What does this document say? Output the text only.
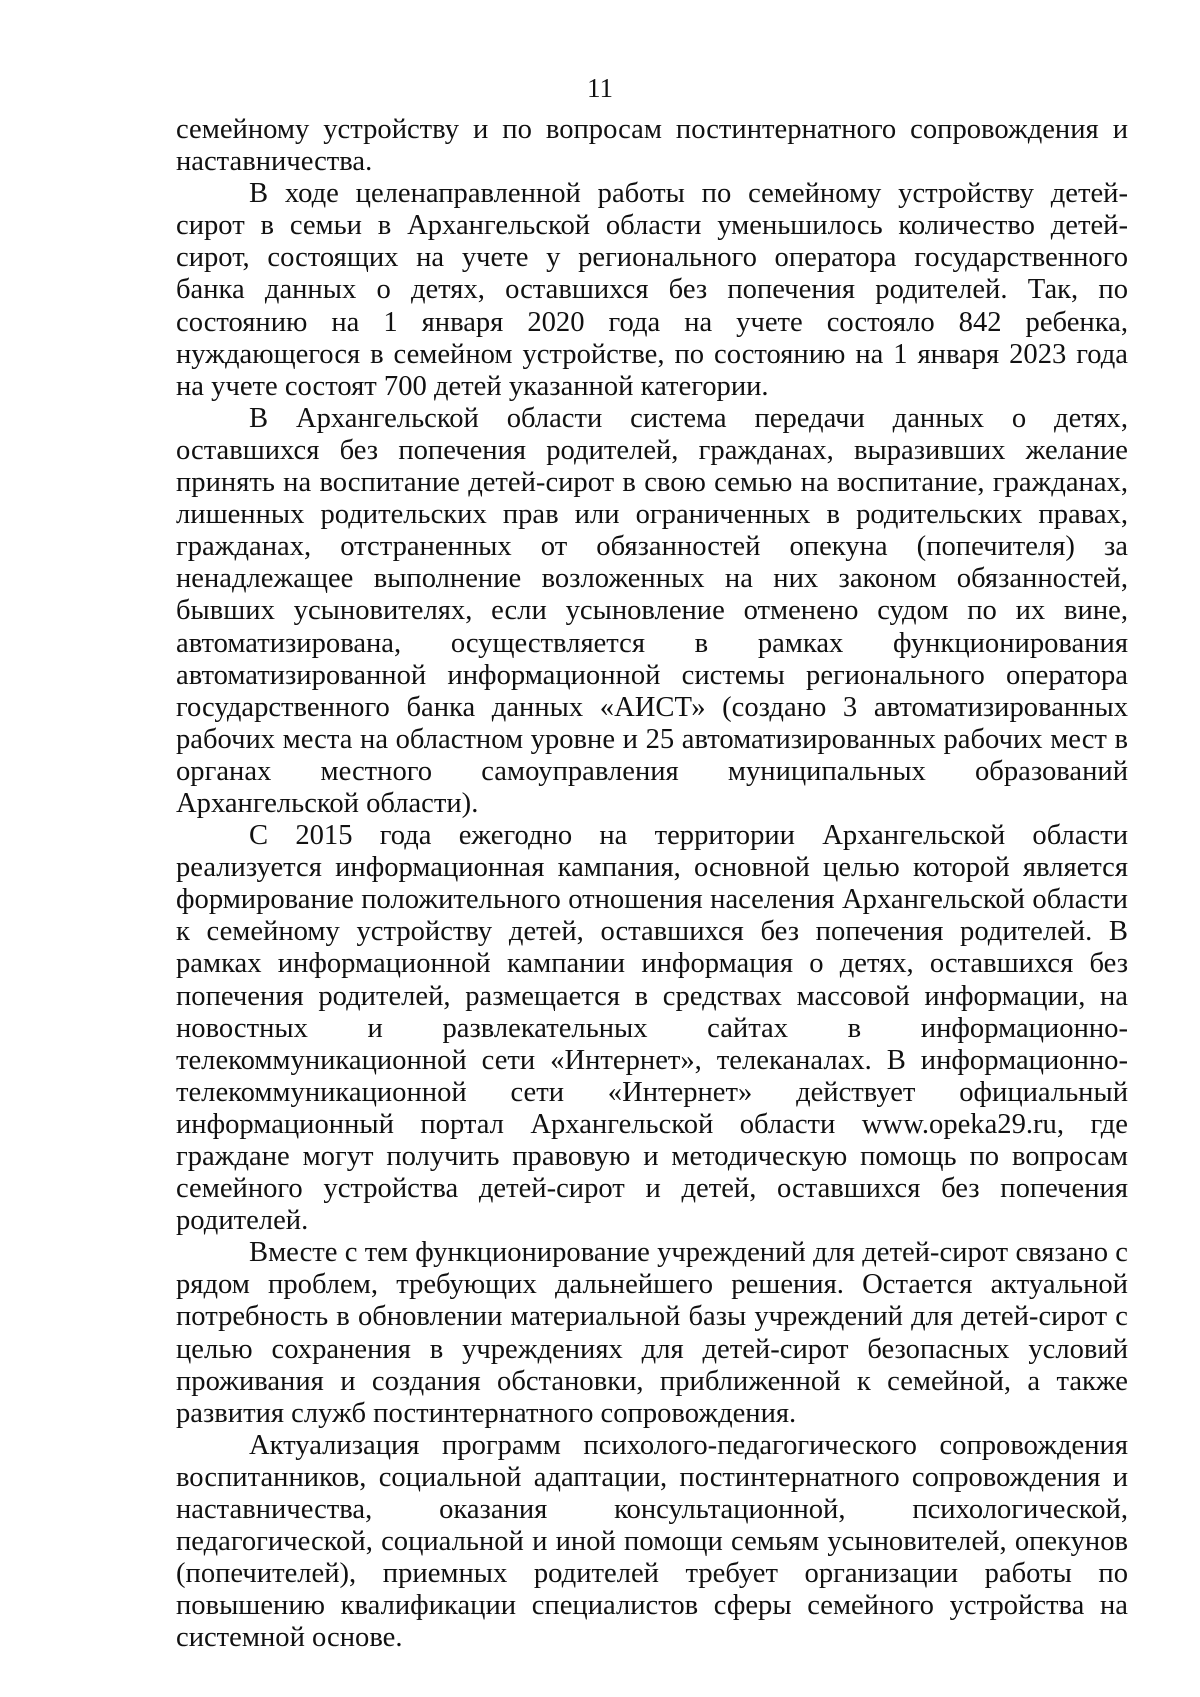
11

семейному устройству и по вопросам постинтернатного сопровождения и наставничества.

В ходе целенаправленной работы по семейному устройству детей-сирот в семьи в Архангельской области уменьшилось количество детей-сирот, состоящих на учете у регионального оператора государственного банка данных о детях, оставшихся без попечения родителей. Так, по состоянию на 1 января 2020 года на учете состояло 842 ребенка, нуждающегося в семейном устройстве, по состоянию на 1 января 2023 года на учете состоят 700 детей указанной категории.

В Архангельской области система передачи данных о детях, оставшихся без попечения родителей, гражданах, выразивших желание принять на воспитание детей-сирот в свою семью на воспитание, гражданах, лишенных родительских прав или ограниченных в родительских правах, гражданах, отстраненных от обязанностей опекуна (попечителя) за ненадлежащее выполнение возложенных на них законом обязанностей, бывших усыновителях, если усыновление отменено судом по их вине, автоматизирована, осуществляется в рамках функционирования автоматизированной информационной системы регионального оператора государственного банка данных «АИСТ» (создано 3 автоматизированных рабочих места на областном уровне и 25 автоматизированных рабочих мест в органах местного самоуправления муниципальных образований Архангельской области).

С 2015 года ежегодно на территории Архангельской области реализуется информационная кампания, основной целью которой является формирование положительного отношения населения Архангельской области к семейному устройству детей, оставшихся без попечения родителей. В рамках информационной кампании информация о детях, оставшихся без попечения родителей, размещается в средствах массовой информации, на новостных и развлекательных сайтах в информационно-телекоммуникационной сети «Интернет», телеканалах. В информационно-телекоммуникационной сети «Интернет» действует официальный информационный портал Архангельской области www.opeka29.ru, где граждане могут получить правовую и методическую помощь по вопросам семейного устройства детей-сирот и детей, оставшихся без попечения родителей.

Вместе с тем функционирование учреждений для детей-сирот связано с рядом проблем, требующих дальнейшего решения. Остается актуальной потребность в обновлении материальной базы учреждений для детей-сирот с целью сохранения в учреждениях для детей-сирот безопасных условий проживания и создания обстановки, приближенной к семейной, а также развития служб постинтернатного сопровождения.

Актуализация программ психолого-педагогического сопровождения воспитанников, социальной адаптации, постинтернатного сопровождения и наставничества, оказания консультационной, психологической, педагогической, социальной и иной помощи семьям усыновителей, опекунов (попечителей), приемных родителей требует организации работы по повышению квалификации специалистов сферы семейного устройства на системной основе.
